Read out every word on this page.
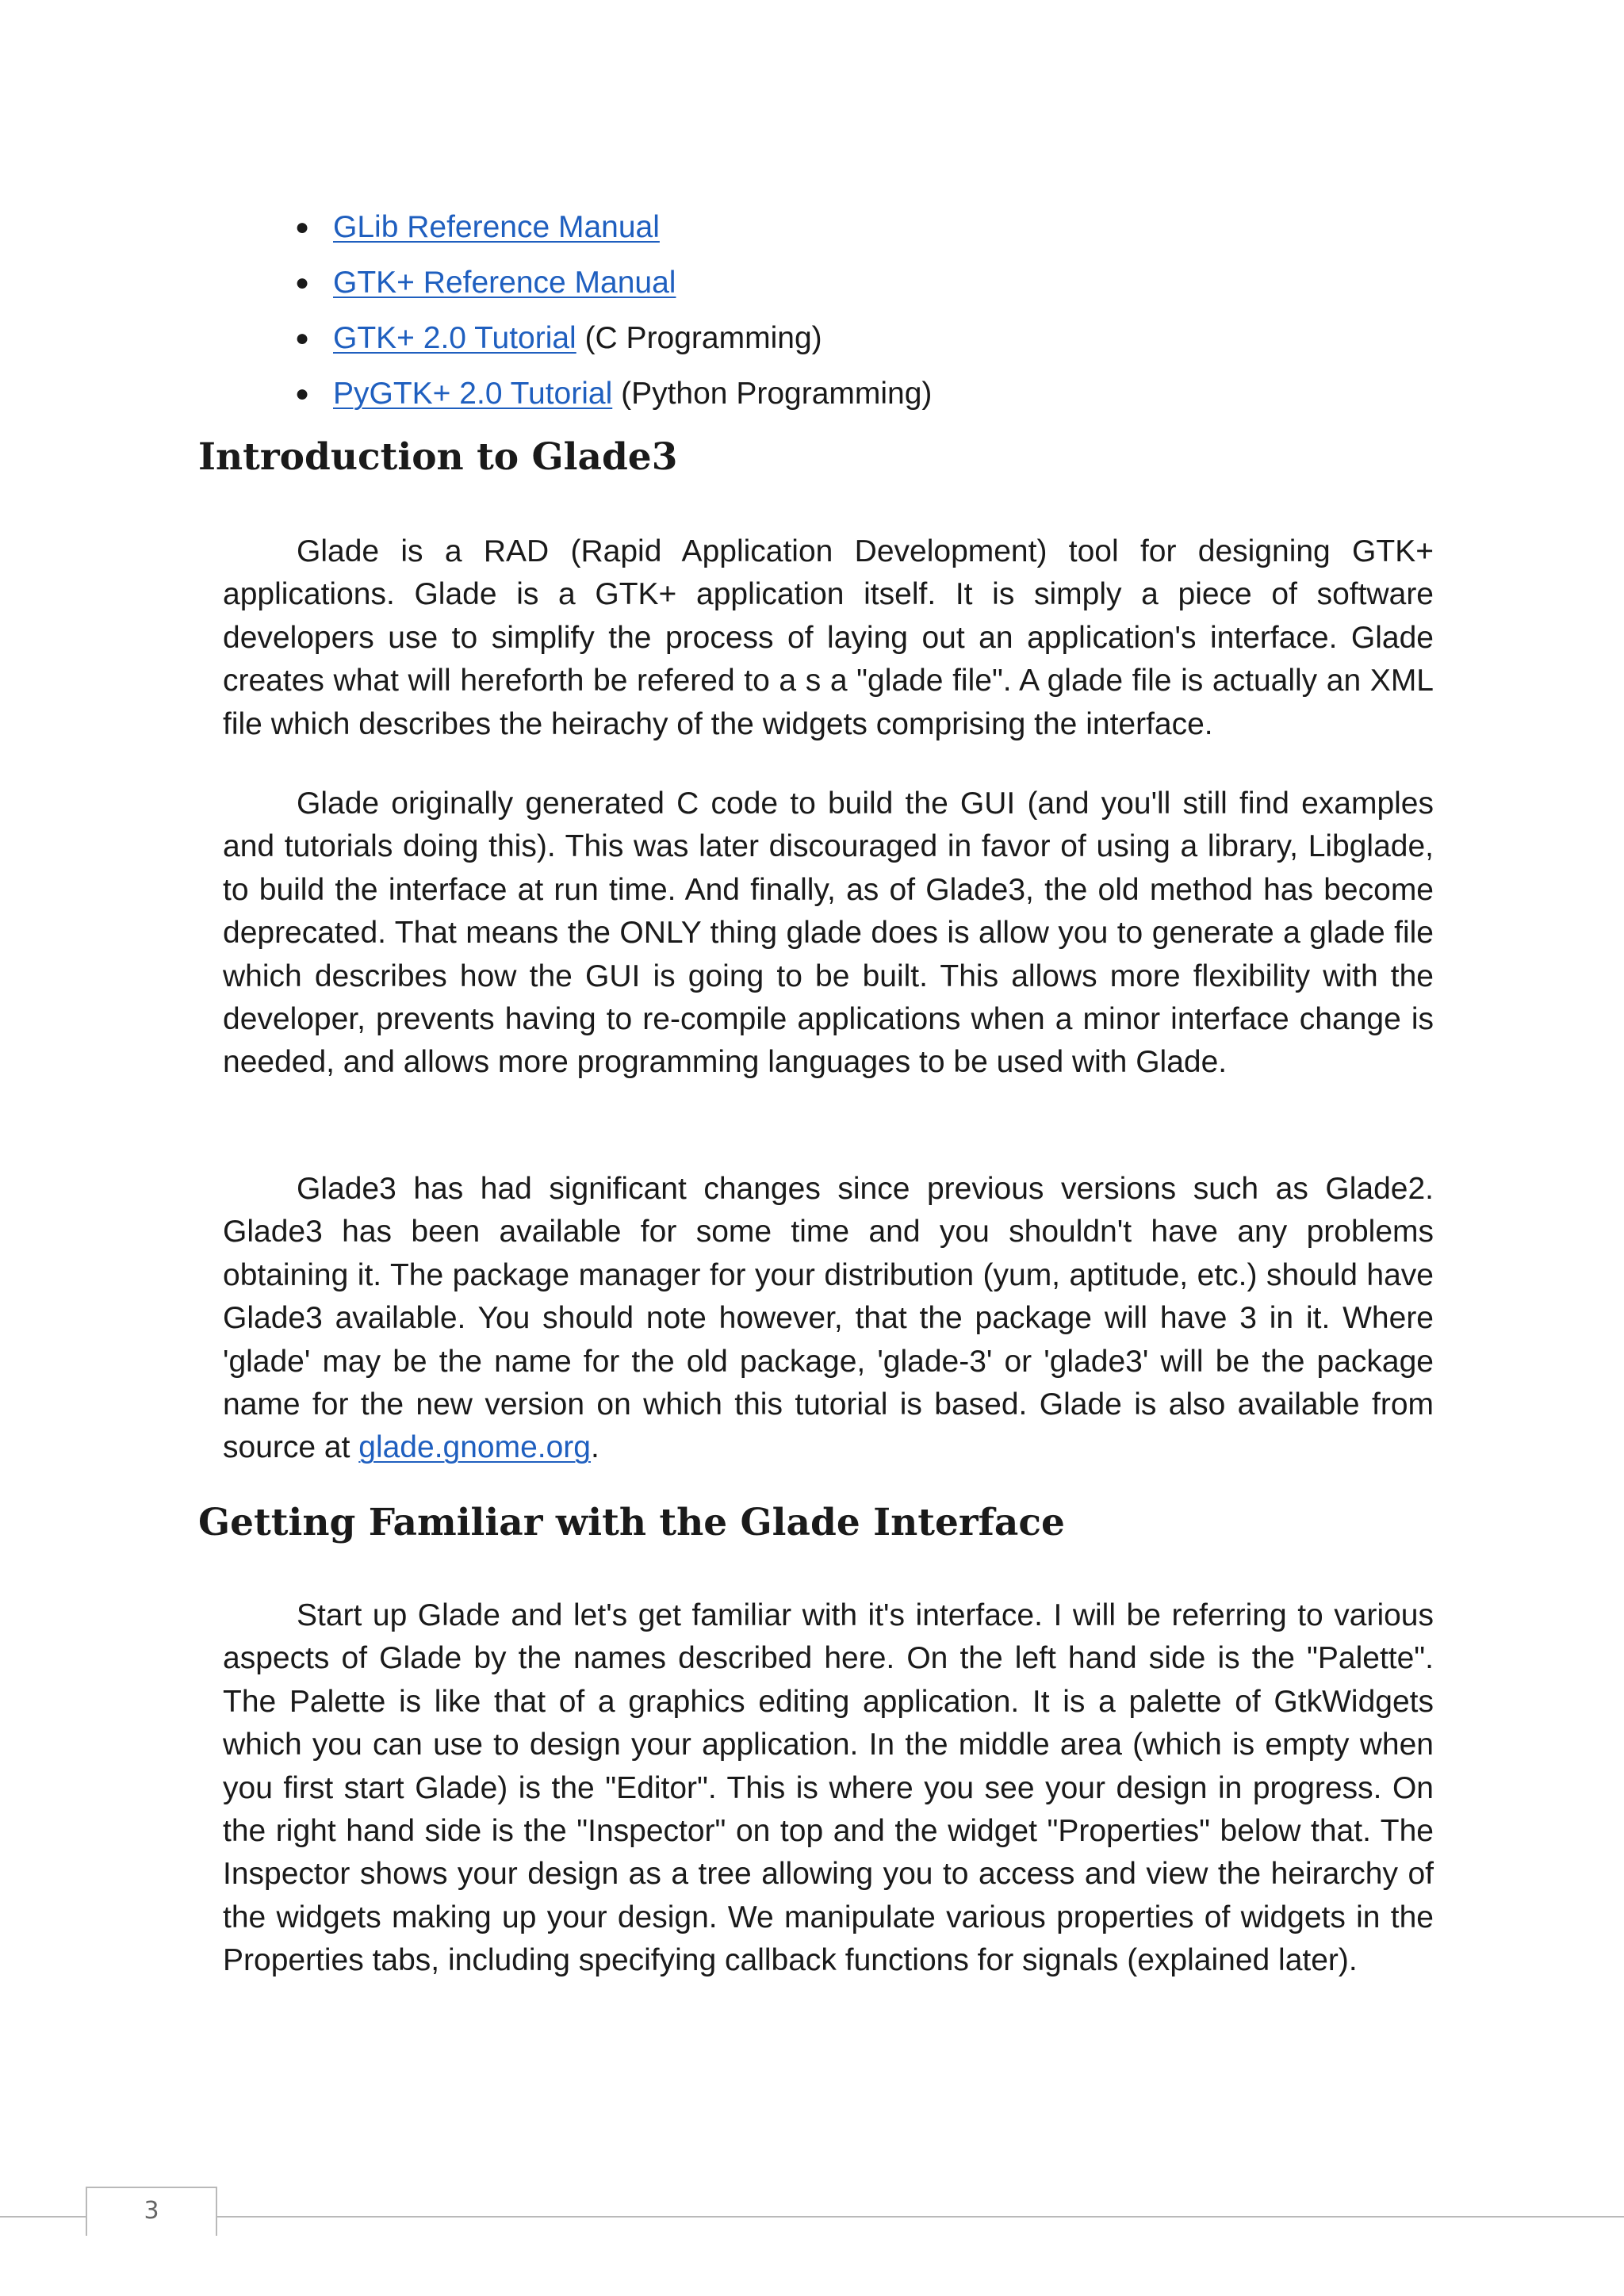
● GLib Reference Manual
● GTK+ Reference Manual
● GTK+ 2.0 Tutorial (C Programming)
● PyGTK+ 2.0 Tutorial (Python Programming)
Introduction to Glade3

Glade is a RAD (Rapid Application Development) tool for designing GTK+ applications. Glade is a GTK+ application itself. It is simply a piece of software developers use to simplify the process of laying out an application's interface. Glade creates what will hereforth be refered to a s a "glade file". A glade file is actually an XML file which describes the heirachy of the widgets comprising the interface.

Glade originally generated C code to build the GUI (and you'll still find examples and tutorials doing this). This was later discouraged in favor of using a library, Libglade, to build the interface at run time. And finally, as of Glade3, the old method has become deprecated. That means the ONLY thing glade does is allow you to generate a glade file which describes how the GUI is going to be built. This allows more flexibility with the developer, prevents having to re-compile applications when a minor interface change is needed, and allows more programming languages to be used with Glade.

Glade3 has had significant changes since previous versions such as Glade2. Glade3 has been available for some time and you shouldn't have any problems obtaining it. The package manager for your distribution (yum, aptitude, etc.) should have Glade3 available. You should note however, that the package will have 3 in it. Where 'glade' may be the name for the old package, 'glade-3' or 'glade3' will be the package name for the new version on which this tutorial is based. Glade is also available from source at glade.gnome.org.

Getting Familiar with the Glade Interface

Start up Glade and let's get familiar with it's interface. I will be referring to various aspects of Glade by the names described here. On the left hand side is the "Palette". The Palette is like that of a graphics editing application. It is a palette of GtkWidgets which you can use to design your application. In the middle area (which is empty when you first start Glade) is the "Editor". This is where you see your design in progress. On the right hand side is the "Inspector" on top and the widget "Properties" below that. The Inspector shows your design as a tree allowing you to access and view the heirarchy of the widgets making up your design. We manipulate various properties of widgets in the Properties tabs, including specifying callback functions for signals (explained later).

3
